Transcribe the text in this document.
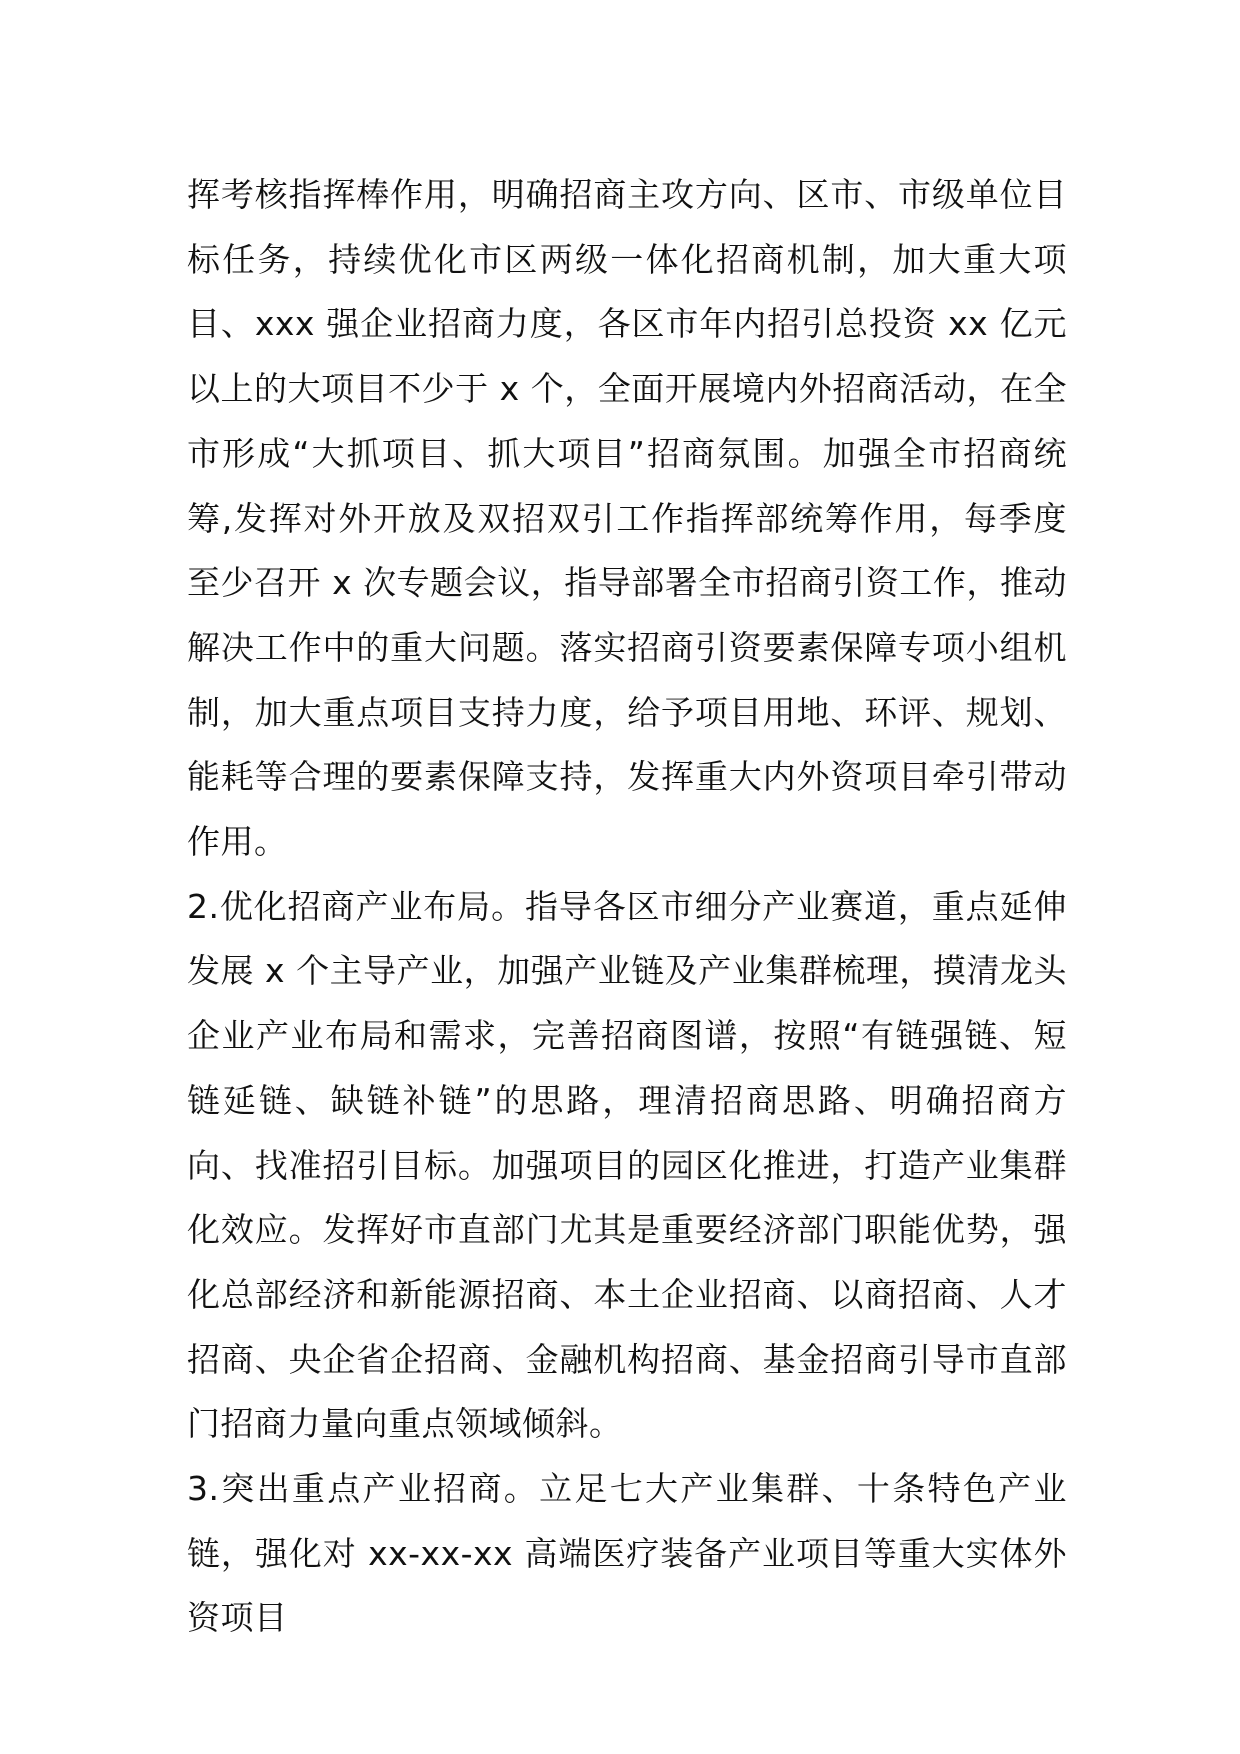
挥考核指挥棒作用，明确招商主攻方向、区市、市级单位目标任务，持续优化市区两级一体化招商机制，加大重大项目、xxx 强企业招商力度，各区市年内招引总投资 xx 亿元以上的大项目不少于 x 个，全面开展境内外招商活动，在全市形成“大抓项目、抓大项目”招商氛围。加强全市招商统筹,发挥对外开放及双招双引工作指挥部统筹作用，每季度至少召开 x 次专题会议，指导部署全市招商引资工作，推动解决工作中的重大问题。落实招商引资要素保障专项小组机制，加大重点项目支持力度，给予项目用地、环评、规划、能耗等合理的要素保障支持，发挥重大内外资项目牵引带动作用。

2.优化招商产业布局。指导各区市细分产业赛道，重点延伸发展 x 个主导产业，加强产业链及产业集群梳理，摸清龙头企业产业布局和需求，完善招商图谱，按照“有链强链、短链延链、缺链补链”的思路，理清招商思路、明确招商方向、找准招引目标。加强项目的园区化推进，打造产业集群化效应。发挥好市直部门尤其是重要经济部门职能优势，强化总部经济和新能源招商、本土企业招商、以商招商、人才招商、央企省企招商、金融机构招商、基金招商引导市直部门招商力量向重点领域倾斜。

3.突出重点产业招商。立足七大产业集群、十条特色产业链，强化对 xx-xx-xx 高端医疗装备产业项目等重大实体外资项目
